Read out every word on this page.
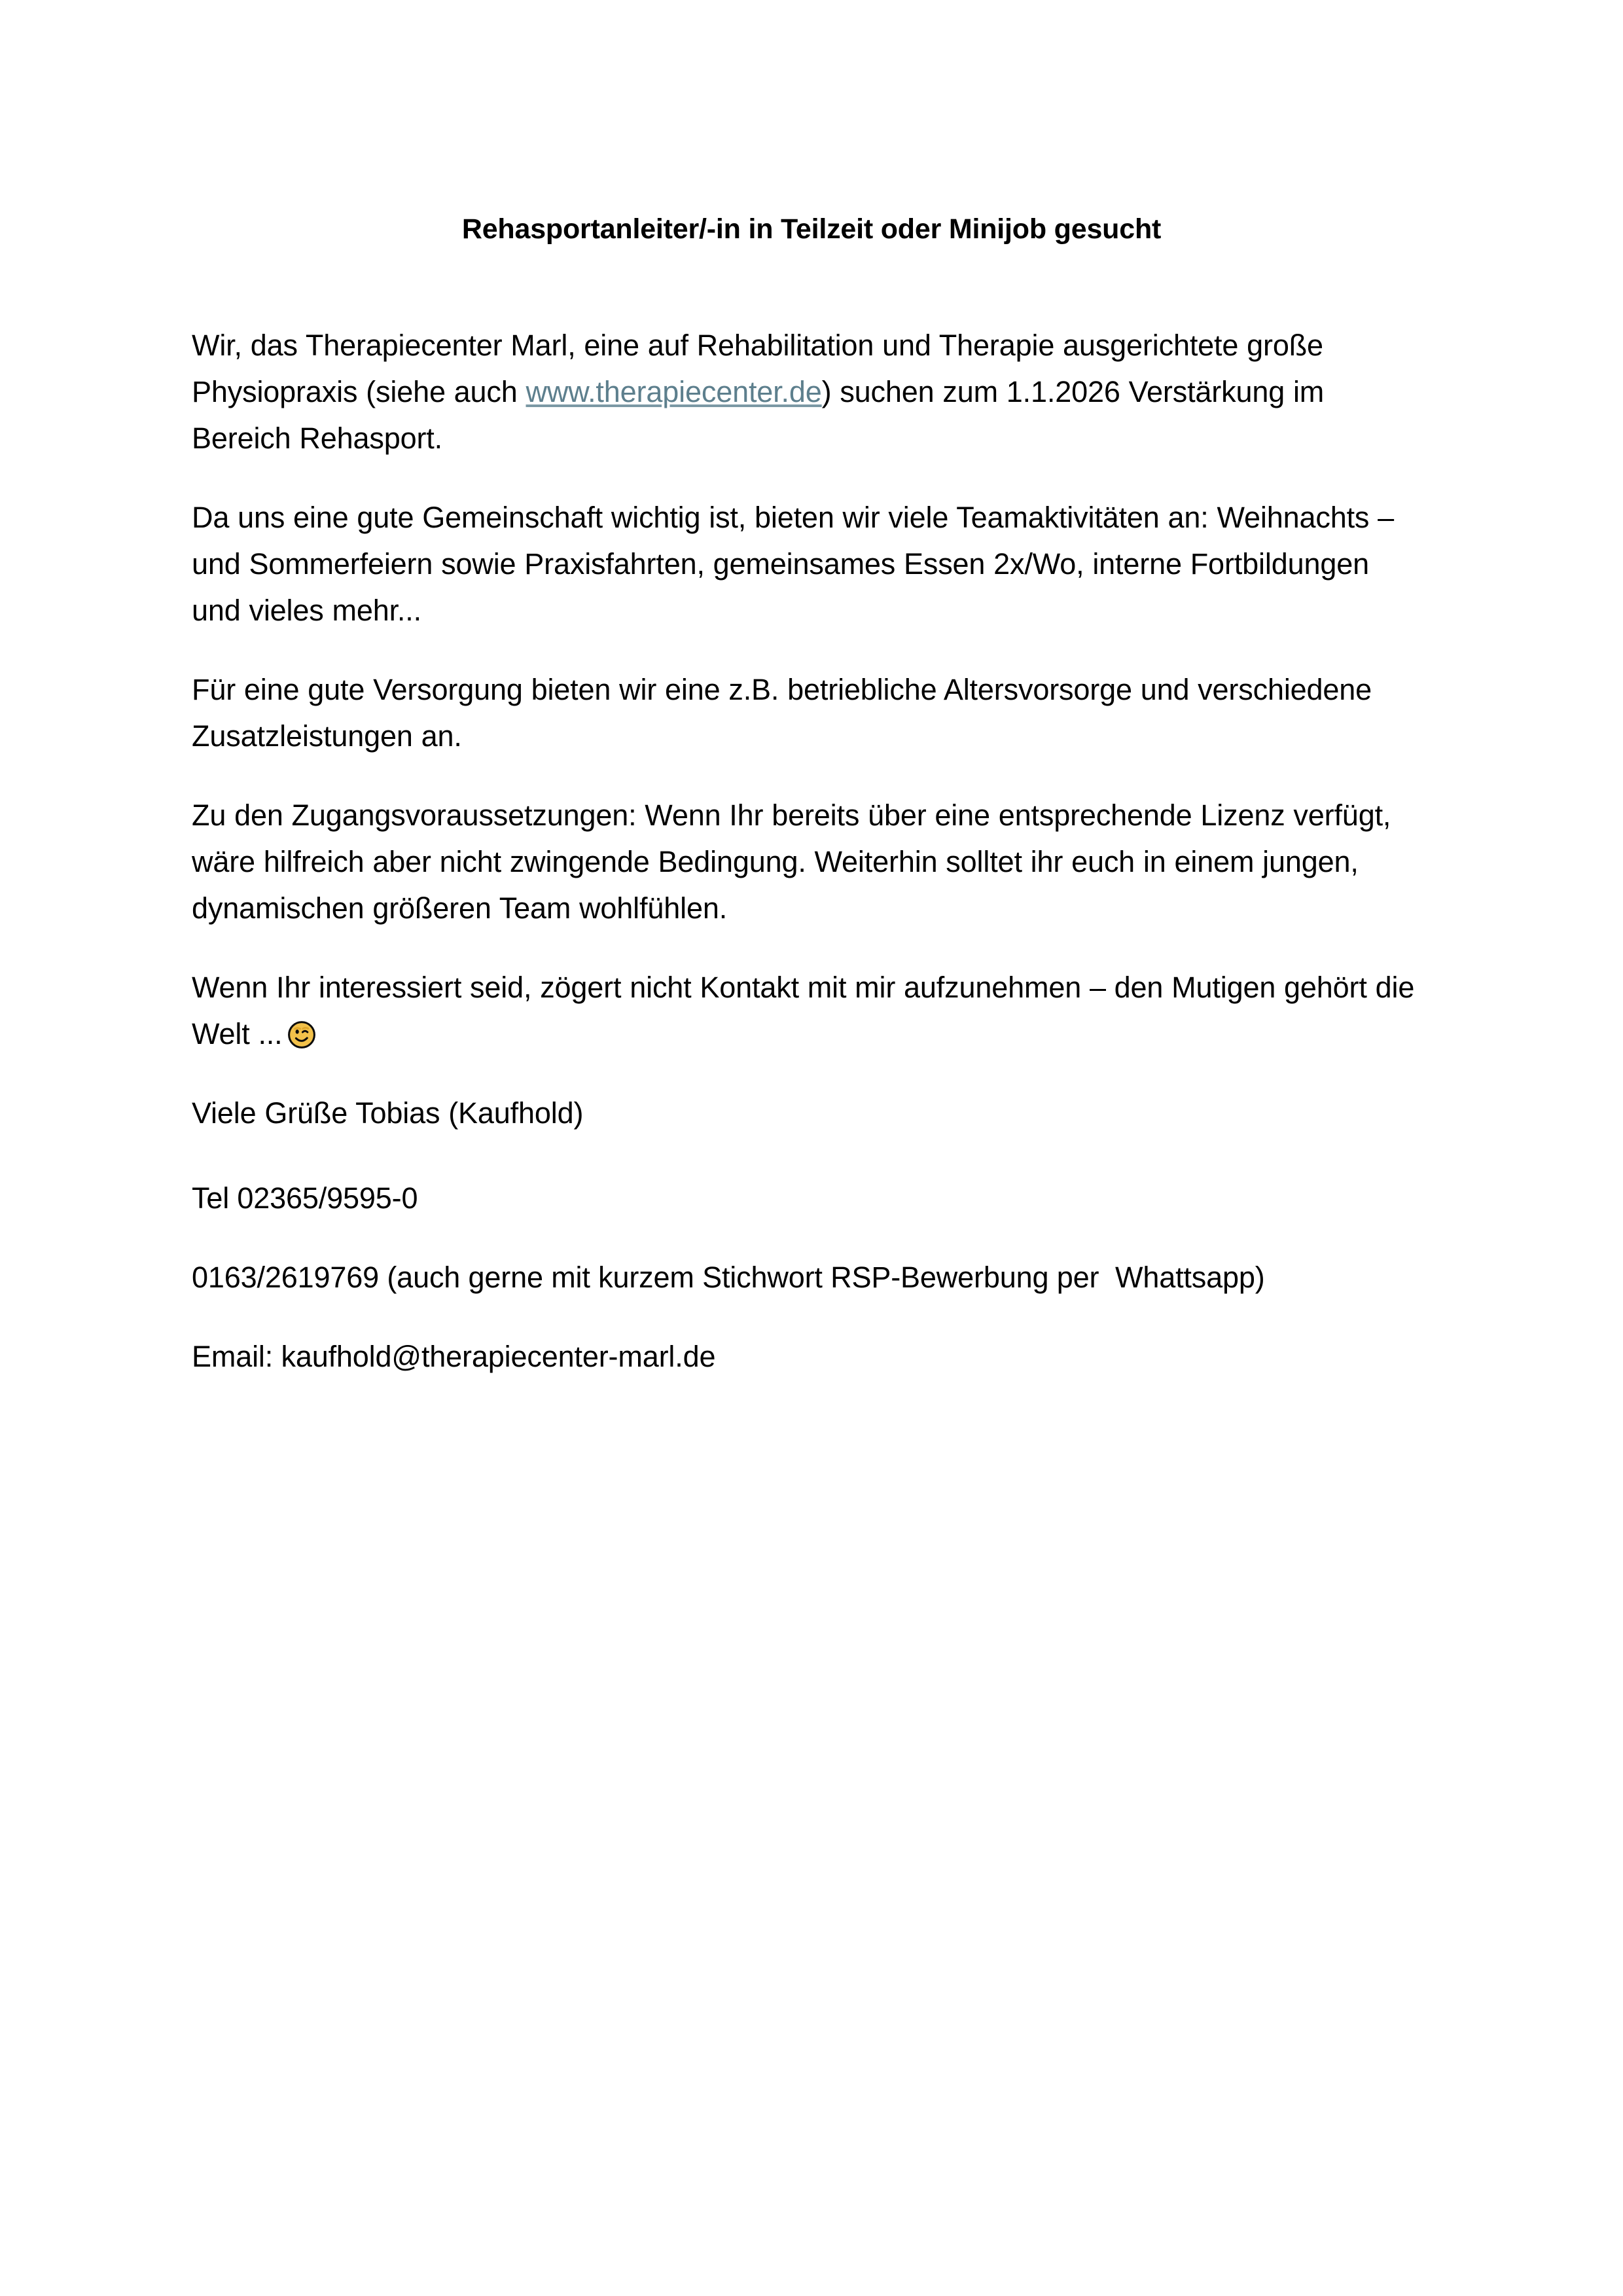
Rehasportanleiter/-in in Teilzeit oder Minijob gesucht

Wir, das Therapiecenter Marl, eine auf Rehabilitation und Therapie ausgerichtete große Physiopraxis (siehe auch www.therapiecenter.de) suchen zum 1.1.2026 Verstärkung im Bereich Rehasport.

Da uns eine gute Gemeinschaft wichtig ist, bieten wir viele Teamaktivitäten an: Weihnachts – und Sommerfeiern sowie Praxisfahrten, gemeinsames Essen 2x/Wo, interne Fortbildungen und vieles mehr...

Für eine gute Versorgung bieten wir eine z.B. betriebliche Altersvorsorge und verschiedene Zusatzleistungen an.

Zu den Zugangsvoraussetzungen: Wenn Ihr bereits über eine entsprechende Lizenz verfügt, wäre hilfreich aber nicht zwingende Bedingung. Weiterhin solltet ihr euch in einem jungen, dynamischen größeren Team wohlfühlen.

Wenn Ihr interessiert seid, zögert nicht Kontakt mit mir aufzunehmen – den Mutigen gehört die Welt ...

Viele Grüße Tobias (Kaufhold)

Tel 02365/9595-0

0163/2619769 (auch gerne mit kurzem Stichwort RSP-Bewerbung per  Whattsapp)

Email: kaufhold@therapiecenter-marl.de
